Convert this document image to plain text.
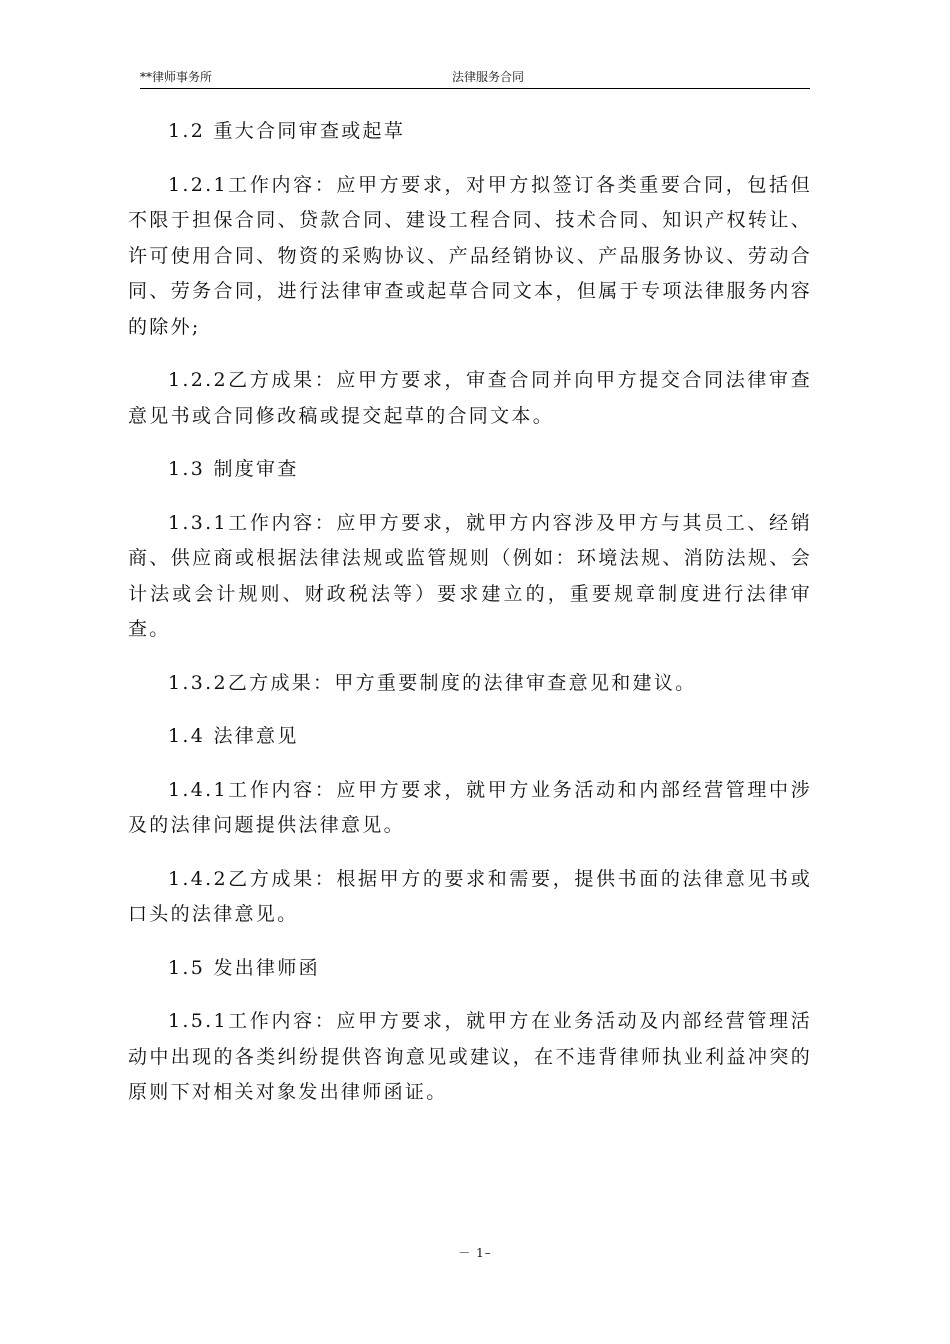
**律师事务所	法律服务合同
1.2 重大合同审查或起草
1.2.1工作内容：应甲方要求，对甲方拟签订各类重要合同，包括但不限于担保合同、贷款合同、建设工程合同、技术合同、知识产权转让、许可使用合同、物资的采购协议、产品经销协议、产品服务协议、劳动合同、劳务合同，进行法律审查或起草合同文本，但属于专项法律服务内容的除外;
1.2.2乙方成果：应甲方要求，审查合同并向甲方提交合同法律审查意见书或合同修改稿或提交起草的合同文本。
1.3 制度审查
1.3.1工作内容：应甲方要求，就甲方内容涉及甲方与其员工、经销商、供应商或根据法律法规或监管规则（例如：环境法规、消防法规、会计法或会计规则、财政税法等）要求建立的，重要规章制度进行法律审查。
1.3.2乙方成果：甲方重要制度的法律审查意见和建议。
1.4 法律意见
1.4.1工作内容：应甲方要求，就甲方业务活动和内部经营管理中涉及的法律问题提供法律意见。
1.4.2乙方成果：根据甲方的要求和需要，提供书面的法律意见书或口头的法律意见。
1.5 发出律师函
1.5.1工作内容：应甲方要求，就甲方在业务活动及内部经营管理活动中出现的各类纠纷提供咨询意见或建议，在不违背律师执业利益冲突的原则下对相关对象发出律师函证。
－ 1–
